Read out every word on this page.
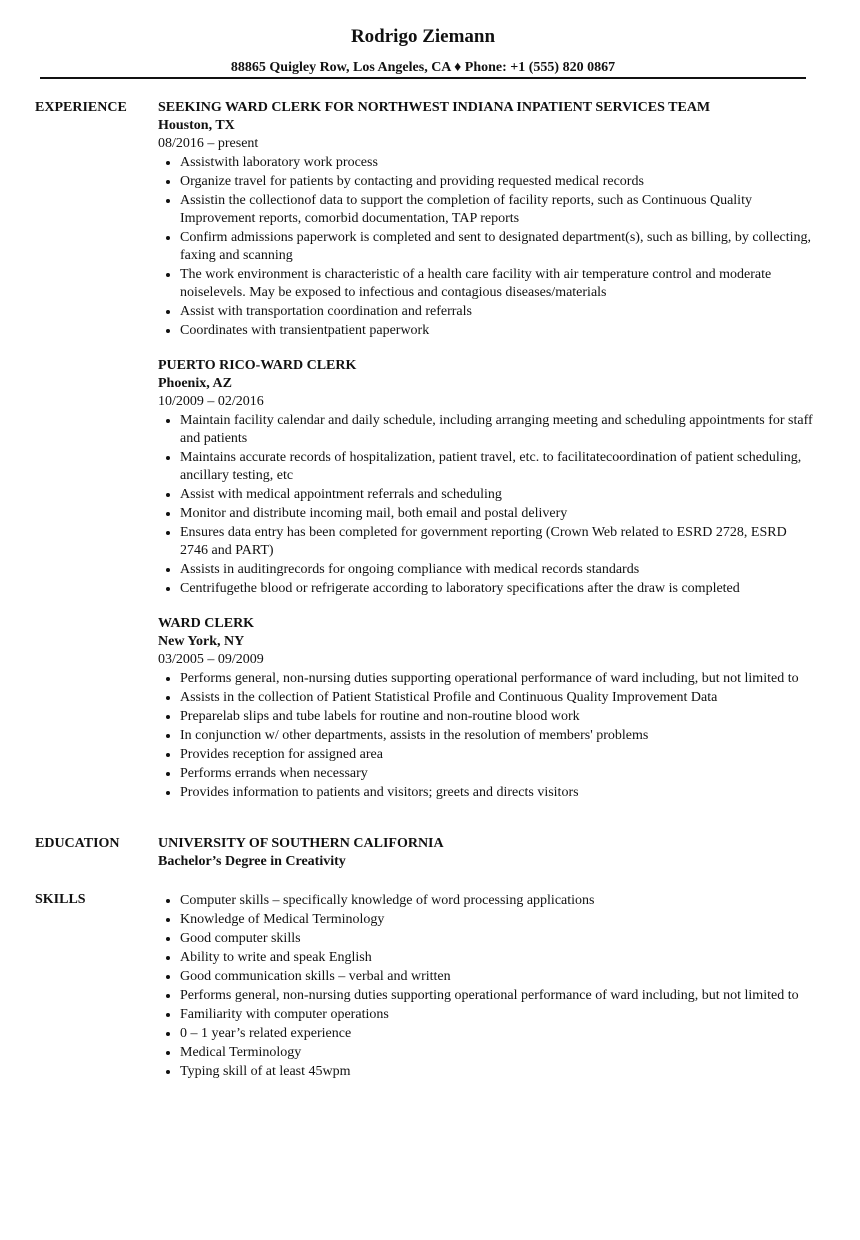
Rodrigo Ziemann
88865 Quigley Row, Los Angeles, CA ♦ Phone: +1 (555) 820 0867
EXPERIENCE SEEKING WARD CLERK FOR NORTHWEST INDIANA INPATIENT SERVICES TEAM
Houston, TX
08/2016 – present
• Assistwith laboratory work process
• Organize travel for patients by contacting and providing requested medical records
• Assistin the collectionof data to support the completion of facility reports, such as Continuous Quality Improvement reports, comorbid documentation, TAP reports
• Confirm admissions paperwork is completed and sent to designated department(s), such as billing, by collecting, faxing and scanning
• The work environment is characteristic of a health care facility with air temperature control and moderate noiselevels. May be exposed to infectious and contagious diseases/materials
• Assist with transportation coordination and referrals
• Coordinates with transientpatient paperwork
PUERTO RICO-WARD CLERK
Phoenix, AZ
10/2009 – 02/2016
• Maintain facility calendar and daily schedule, including arranging meeting and scheduling appointments for staff and patients
• Maintains accurate records of hospitalization, patient travel, etc. to facilitatecoordination of patient scheduling, ancillary testing, etc
• Assist with medical appointment referrals and scheduling
• Monitor and distribute incoming mail, both email and postal delivery
• Ensures data entry has been completed for government reporting (Crown Web related to ESRD 2728, ESRD 2746 and PART)
• Assists in auditingrecords for ongoing compliance with medical records standards
• Centrifugethe blood or refrigerate according to laboratory specifications after the draw is completed
WARD CLERK
New York, NY
03/2005 – 09/2009
• Performs general, non-nursing duties supporting operational performance of ward including, but not limited to
• Assists in the collection of Patient Statistical Profile and Continuous Quality Improvement Data
• Preparelab slips and tube labels for routine and non-routine blood work
• In conjunction w/ other departments, assists in the resolution of members' problems
• Provides reception for assigned area
• Performs errands when necessary
• Provides information to patients and visitors; greets and directs visitors
EDUCATION	UNIVERSITY OF SOUTHERN CALIFORNIA
Bachelor’s Degree in Creativity
SKILLS
•	Computer skills – specifically knowledge of word processing applications
• Knowledge of Medical Terminology
• Good computer skills
• Ability to write and speak English
• Good communication skills – verbal and written
• Performs general, non-nursing duties supporting operational performance of ward including, but not limited to
• Familiarity with computer operations
• 0 – 1 year’s related experience
• Medical Terminology
• Typing skill of at least 45wpm
